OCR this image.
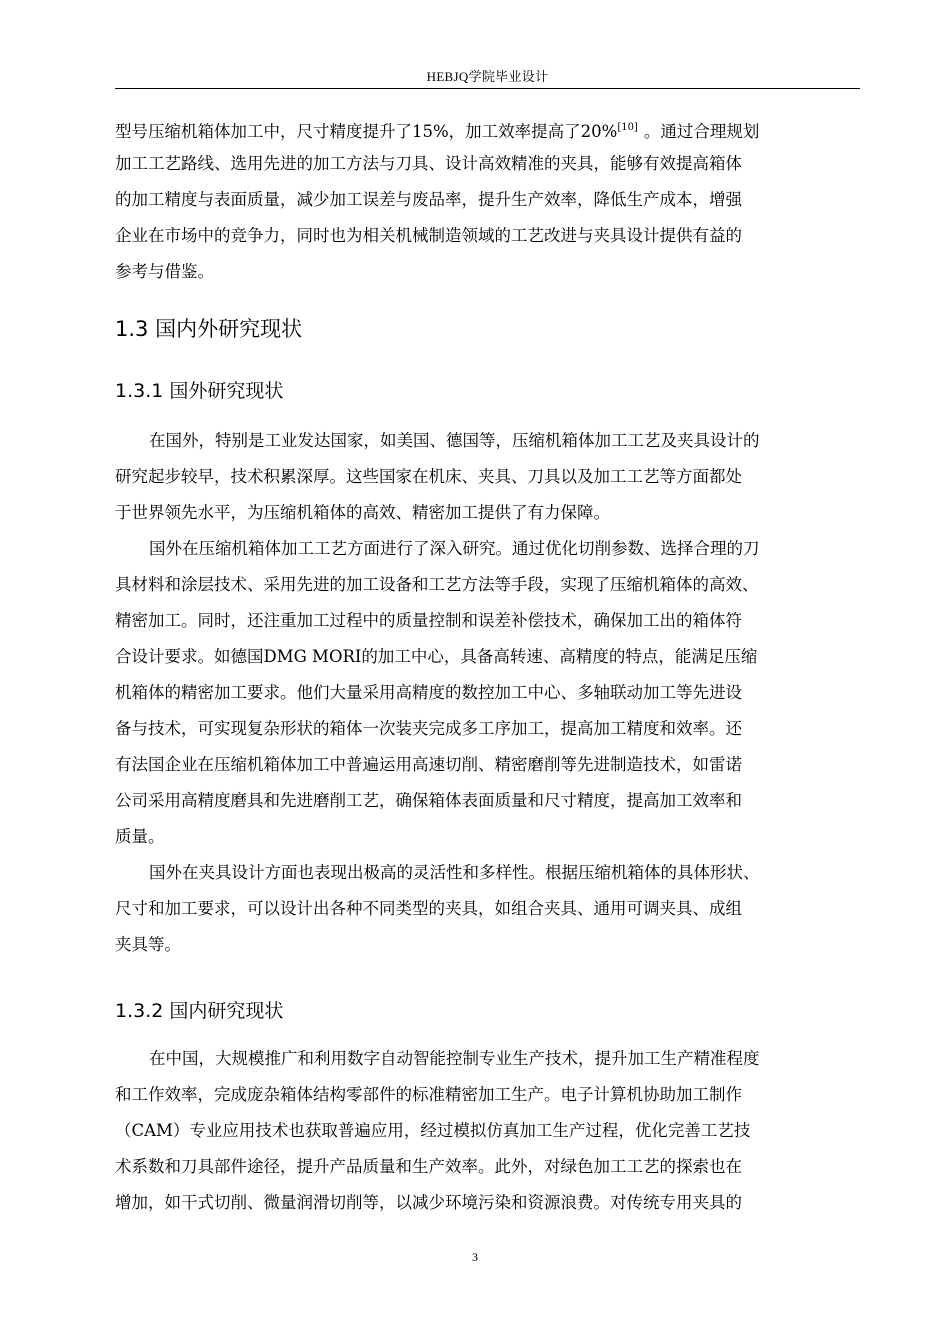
HEBJQ学院毕业设计
型号压缩机箱体加工中，尺寸精度提升了15%，加工效率提高了20%[10] 。通过合理规划
加工工艺路线、选用先进的加工方法与刀具、设计高效精准的夹具，能够有效提高箱体
的加工精度与表面质量，减少加工误差与废品率，提升生产效率，降低生产成本，增强
企业在市场中的竞争力，同时也为相关机械制造领域的工艺改进与夹具设计提供有益的
参考与借鉴。
1.3 国内外研究现状
1.3.1 国外研究现状
在国外，特别是工业发达国家，如美国、德国等，压缩机箱体加工工艺及夹具设计的
研究起步较早，技术积累深厚。这些国家在机床、夹具、刀具以及加工工艺等方面都处
于世界领先水平，为压缩机箱体的高效、精密加工提供了有力保障。
国外在压缩机箱体加工工艺方面进行了深入研究。通过优化切削参数、选择合理的刀
具材料和涂层技术、采用先进的加工设备和工艺方法等手段，实现了压缩机箱体的高效、
精密加工。同时，还注重加工过程中的质量控制和误差补偿技术，确保加工出的箱体符
合设计要求。如德国DMG MORI的加工中心，具备高转速、高精度的特点，能满足压缩
机箱体的精密加工要求。他们大量采用高精度的数控加工中心、多轴联动加工等先进设
备与技术，可实现复杂形状的箱体一次装夹完成多工序加工，提高加工精度和效率。还
有法国企业在压缩机箱体加工中普遍运用高速切削、精密磨削等先进制造技术，如雷诺
公司采用高精度磨具和先进磨削工艺，确保箱体表面质量和尺寸精度，提高加工效率和
质量。
国外在夹具设计方面也表现出极高的灵活性和多样性。根据压缩机箱体的具体形状、
尺寸和加工要求，可以设计出各种不同类型的夹具，如组合夹具、通用可调夹具、成组
夹具等。
1.3.2 国内研究现状
在中国，大规模推广和利用数字自动智能控制专业生产技术，提升加工生产精准程度
和工作效率，完成庞杂箱体结构零部件的标准精密加工生产。电子计算机协助加工制作
（CAM）专业应用技术也获取普遍应用，经过模拟仿真加工生产过程，优化完善工艺技
术系数和刀具部件途径，提升产品质量和生产效率。此外，对绿色加工工艺的探索也在
增加，如干式切削、微量润滑切削等，以减少环境污染和资源浪费。对传统专用夹具的
3
